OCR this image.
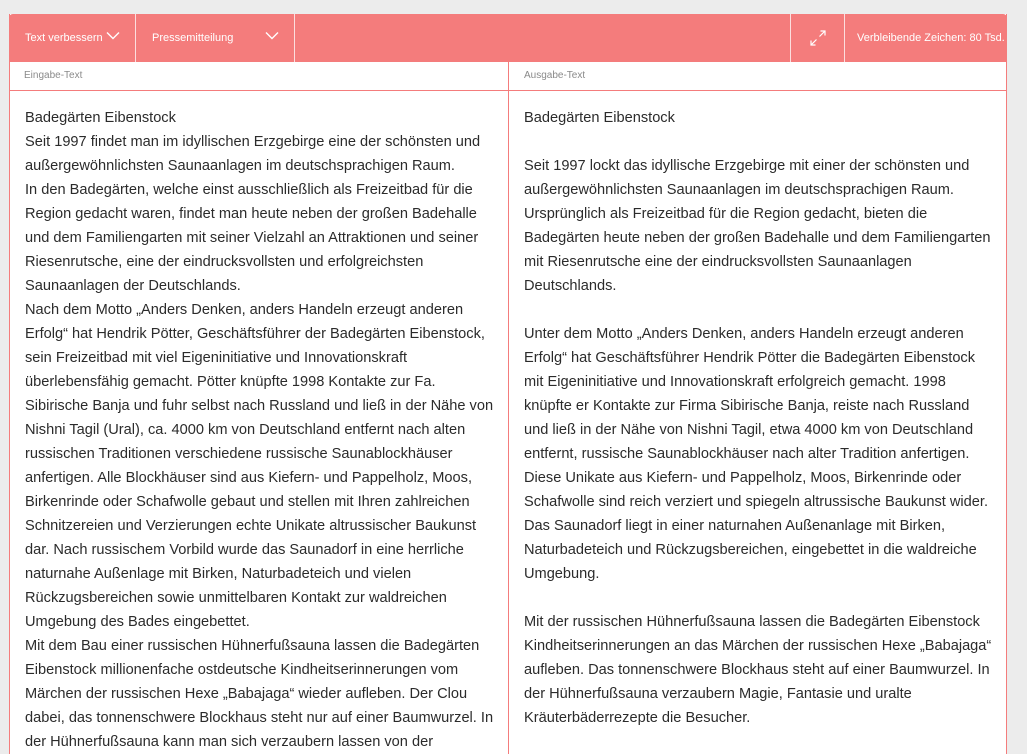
Text verbessern	Pressemitteilung	Verbleibende Zeichen: 80 Tsd.
Eingabe-Text	Ausgabe-Text

Badegärten Eibenstock

Seit 1997 findet man im idyllischen Erzgebirge eine der schönsten und außergewöhnlichsten Saunaanlagen im deutschsprachigen Raum.

In den Badegärten, welche einst ausschließlich als Freizeitbad für die Region gedacht waren, findet man heute neben der großen Badehalle und dem Familiengarten mit seiner Vielzahl an Attraktionen und seiner Riesenrutsche, eine der eindrucksvollsten und erfolgreichsten Saunaanlagen der Deutschlands.

Nach dem Motto „Anders Denken, anders Handeln erzeugt anderen Erfolg“ hat Hendrik Pötter, Geschäftsführer der Badegärten Eibenstock, sein Freizeitbad mit viel Eigeninitiative und Innovationskraft überlebensfähig gemacht. Pötter knüpfte 1998 Kontakte zur Fa. Sibirische Banja und fuhr selbst nach Russland und ließ in der Nähe von Nishni Tagil (Ural), ca. 4000 km von Deutschland entfernt nach alten russischen Traditionen verschiedene russische Saunablockhäuser anfertigen. Alle Blockhäuser sind aus Kiefern- und Pappelholz, Moos, Birkenrinde oder Schafwolle gebaut und stellen mit Ihren zahlreichen Schnitzereien und Verzierungen echte Unikate altrussischer Baukunst dar. Nach russischem Vorbild wurde das Saunadorf in eine herrliche naturnahe Außenlage mit Birken, Naturbadeteich und vielen Rückzugsbereichen sowie unmittelbaren Kontakt zur waldreichen Umgebung des Bades eingebettet.

Mit dem Bau einer russischen Hühnerfußsauna lassen die Badegärten Eibenstock millionenfache ostdeutsche Kindheitserinnerungen vom Märchen der russischen Hexe „Babajaga“ wieder aufleben. Der Clou dabei, das tonnenschwere Blockhaus steht nur auf einer Baumwurzel. In der Hühnerfußsauna kann man sich verzaubern lassen von der

Badegärten Eibenstock

Seit 1997 lockt das idyllische Erzgebirge mit einer der schönsten und außergewöhnlichsten Saunaanlagen im deutschsprachigen Raum. Ursprünglich als Freizeitbad für die Region gedacht, bieten die Badegärten heute neben der großen Badehalle und dem Familiengarten mit Riesenrutsche eine der eindrucksvollsten Saunaanlagen Deutschlands.

Unter dem Motto „Anders Denken, anders Handeln erzeugt anderen Erfolg“ hat Geschäftsführer Hendrik Pötter die Badegärten Eibenstock mit Eigeninitiative und Innovationskraft erfolgreich gemacht. 1998 knüpfte er Kontakte zur Firma Sibirische Banja, reiste nach Russland und ließ in der Nähe von Nishni Tagil, etwa 4000 km von Deutschland entfernt, russische Saunablockhäuser nach alter Tradition anfertigen. Diese Unikate aus Kiefern- und Pappelholz, Moos, Birkenrinde oder Schafwolle sind reich verziert und spiegeln altrussische Baukunst wider. Das Saunadorf liegt in einer naturnahen Außenanlage mit Birken, Naturbadeteich und Rückzugsbereichen, eingebettet in die waldreiche Umgebung.

Mit der russischen Hühnerfußsauna lassen die Badegärten Eibenstock Kindheitserinnerungen an das Märchen der russischen Hexe „Babajaga“ aufleben. Das tonnenschwere Blockhaus steht auf einer Baumwurzel. In der Hühnerfußsauna verzaubern Magie, Fantasie und uralte Kräuterbäderrezepte die Besucher.
